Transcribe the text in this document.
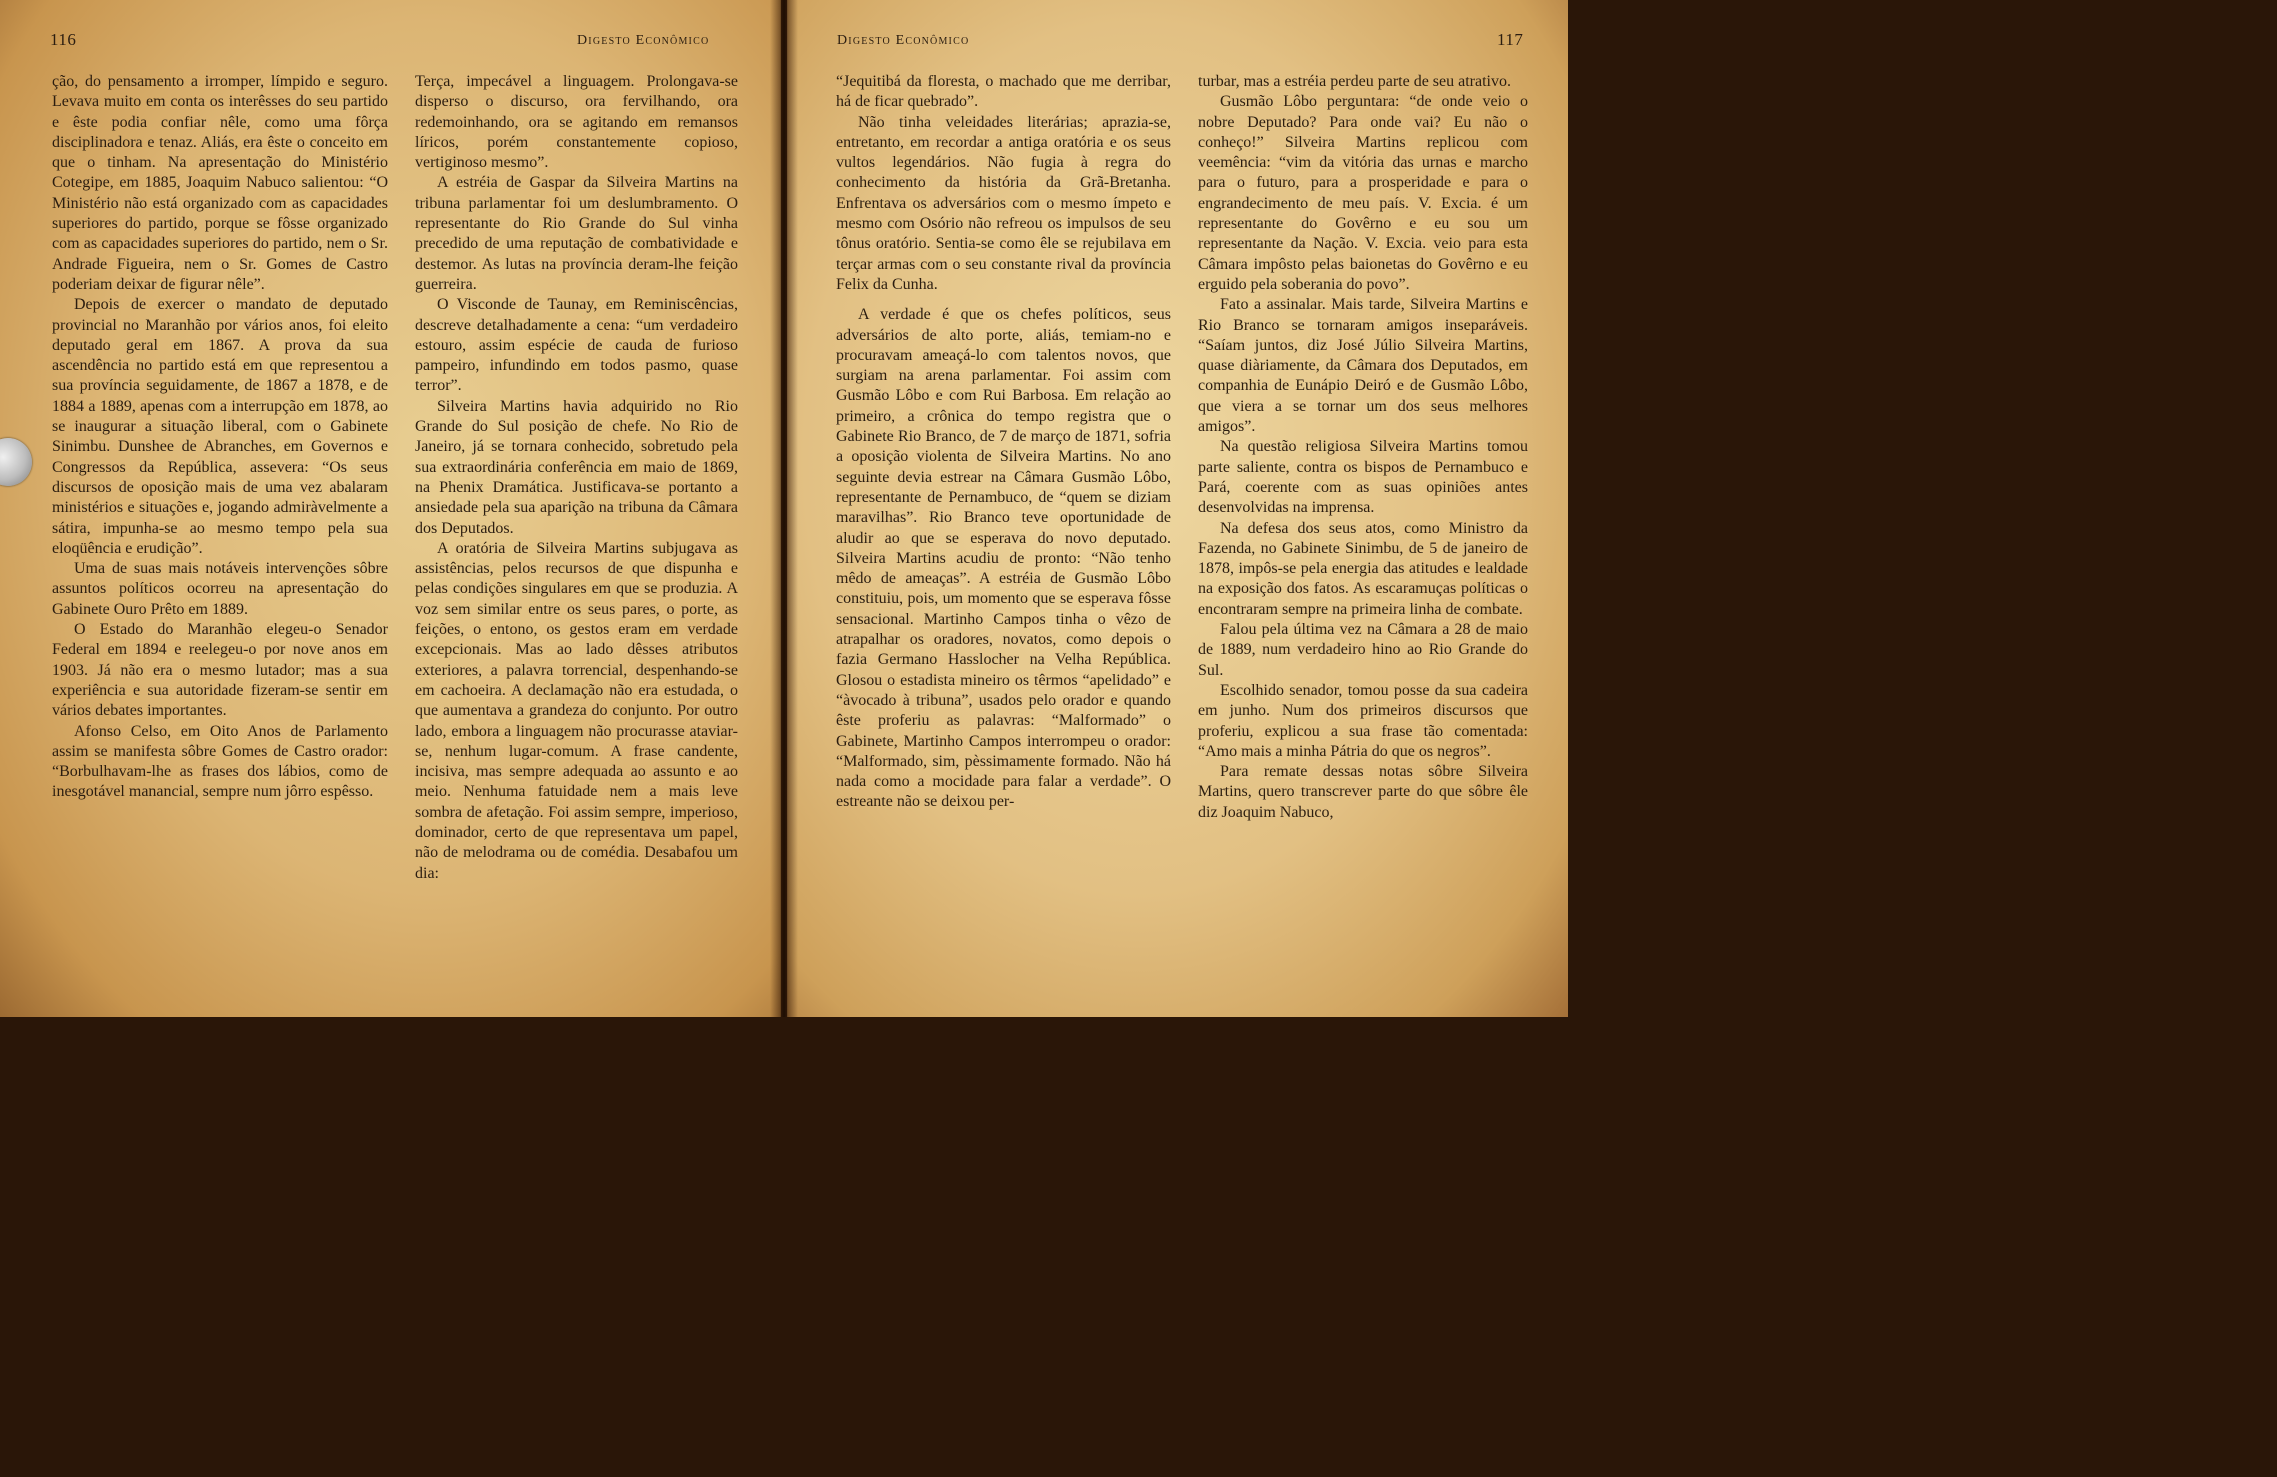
116	Digesto Econômico
ção, do pensamento a irromper, límpido e seguro. Levava muito em conta os interêsses do seu partido e êste podia confiar nêle, como uma fôrça disciplinadora e tenaz. Aliás, era êste o conceito em que o tinham. Na apresentação do Ministério Cotegipe, em 1885, Joaquim Nabuco salientou: “O Ministério não está organizado com as capacidades superiores do partido, porque se fôsse organizado com as capacidades superiores do partido, nem o Sr. Andrade Figueira, nem o Sr. Gomes de Castro poderiam deixar de figurar nêle”.
Depois de exercer o mandato de deputado provincial no Maranhão por vários anos, foi eleito deputado geral em 1867. A prova da sua ascendência no partido está em que representou a sua província seguidamente, de 1867 a 1878, e de 1884 a 1889, apenas com a interrupção em 1878, ao se inaugurar a situação liberal, com o Gabinete Sinimbu. Dunshee de Abranches, em Governos e Congressos da República, assevera: “Os seus discursos de oposição mais de uma vez abalaram ministérios e situações e, jogando admiràvelmente a sátira, impunha-se ao mesmo tempo pela sua eloqüência e erudição”.
Uma de suas mais notáveis intervenções sôbre assuntos políticos ocorreu na apresentação do Gabinete Ouro Prêto em 1889.
O Estado do Maranhão elegeu-o Senador Federal em 1894 e reelegeu-o por nove anos em 1903. Já não era o mesmo lutador; mas a sua experiência e sua autoridade fizeram-se sentir em vários debates importantes.
Afonso Celso, em Oito Anos de Parlamento assim se manifesta sôbre Gomes de Castro orador: “Borbulhavam-lhe as frases dos lábios, como de inesgotável manancial, sempre num jôrro espêsso.
Terça, impecável a linguagem. Prolongava-se disperso o discurso, ora fervilhando, ora redemoinhando, ora se agitando em remansos líricos, porém constantemente copioso, vertiginoso mesmo”.
A estréia de Gaspar da Silveira Martins na tribuna parlamentar foi um deslumbramento. O representante do Rio Grande do Sul vinha precedido de uma reputação de combatividade e destemor. As lutas na província deram-lhe feição guerreira.
O Visconde de Taunay, em Reminiscências, descreve detalhadamente a cena: “um verdadeiro estouro, assim espécie de cauda de furioso pampeiro, infundindo em todos pasmo, quase terror”.
Silveira Martins havia adquirido no Rio Grande do Sul posição de chefe. No Rio de Janeiro, já se tornara conhecido, sobretudo pela sua extraordinária conferência em maio de 1869, na Phenix Dramática. Justificava-se portanto a ansiedade pela sua aparição na tribuna da Câmara dos Deputados.
A oratória de Silveira Martins subjugava as assistências, pelos recursos de que dispunha e pelas condições singulares em que se produzia. A voz sem similar entre os seus pares, o porte, as feições, o entono, os gestos eram em verdade excepcionais. Mas ao lado dêsses atributos exteriores, a palavra torrencial, despenhando-se em cachoeira. A declamação não era estudada, o que aumentava a grandeza do conjunto. Por outro lado, embora a linguagem não procurasse ataviar-se, nenhum lugar-comum. A frase candente, incisiva, mas sempre adequada ao assunto e ao meio. Nenhuma fatuidade nem a mais leve sombra de afetação. Foi assim sempre, imperioso, dominador, certo de que representava um papel, não de melodrama ou de comédia. Desabafou um dia:
Digesto Econômico	117
“Jequitibá da floresta, o machado que me derribar, há de ficar quebrado”.
Não tinha veleidades literárias; aprazia-se, entretanto, em recordar a antiga oratória e os seus vultos legendários. Não fugia à regra do conhecimento da história da Grã-Bretanha. Enfrentava os adversários com o mesmo ímpeto e mesmo com Osório não refreou os impulsos de seu tônus oratório. Sentia-se como êle se rejubilava em terçar armas com o seu constante rival da província Felix da Cunha.
A verdade é que os chefes políticos, seus adversários de alto porte, aliás, temiam-no e procuravam ameaçá-lo com talentos novos, que surgiam na arena parlamentar. Foi assim com Gusmão Lôbo e com Rui Barbosa. Em relação ao primeiro, a crônica do tempo registra que o Gabinete Rio Branco, de 7 de março de 1871, sofria a oposição violenta de Silveira Martins. No ano seguinte devia estrear na Câmara Gusmão Lôbo, representante de Pernambuco, de “quem se diziam maravilhas”. Rio Branco teve oportunidade de aludir ao que se esperava do novo deputado. Silveira Martins acudiu de pronto: “Não tenho mêdo de ameaças”. A estréia de Gusmão Lôbo constituiu, pois, um momento que se esperava fôsse sensacional. Martinho Campos tinha o vêzo de atrapalhar os oradores, novatos, como depois o fazia Germano Hasslocher na Velha República. Glosou o estadista mineiro os têrmos “apelidado” e “àvocado à tribuna”, usados pelo orador e quando êste proferiu as palavras: “Malformado” o Gabinete, Martinho Campos interrompeu o orador: “Malformado, sim, pèssimamente formado. Não há nada como a mocidade para falar a verdade”. O estreante não se deixou per-
turbar, mas a estréia perdeu parte de seu atrativo.
Gusmão Lôbo perguntara: “de onde veio o nobre Deputado? Para onde vai? Eu não o conheço!” Silveira Martins replicou com veemência: “vim da vitória das urnas e marcho para o futuro, para a prosperidade e para o engrandecimento de meu país. V. Excia. é um representante do Govêrno e eu sou um representante da Nação. V. Excia. veio para esta Câmara impôsto pelas baionetas do Govêrno e eu erguido pela soberania do povo”.
Fato a assinalar. Mais tarde, Silveira Martins e Rio Branco se tornaram amigos inseparáveis. “Saíam juntos, diz José Júlio Silveira Martins, quase diàriamente, da Câmara dos Deputados, em companhia de Eunápio Deiró e de Gusmão Lôbo, que viera a se tornar um dos seus melhores amigos”.
Na questão religiosa Silveira Martins tomou parte saliente, contra os bispos de Pernambuco e Pará, coerente com as suas opiniões antes desenvolvidas na imprensa.
Na defesa dos seus atos, como Ministro da Fazenda, no Gabinete Sinimbu, de 5 de janeiro de 1878, impôs-se pela energia das atitudes e lealdade na exposição dos fatos. As escaramuças políticas o encontraram sempre na primeira linha de combate.
Falou pela última vez na Câmara a 28 de maio de 1889, num verdadeiro hino ao Rio Grande do Sul.
Escolhido senador, tomou posse da sua cadeira em junho. Num dos primeiros discursos que proferiu, explicou a sua frase tão comentada: “Amo mais a minha Pátria do que os negros”.
Para remate dessas notas sôbre Silveira Martins, quero transcrever parte do que sôbre êle diz Joaquim Nabuco,
